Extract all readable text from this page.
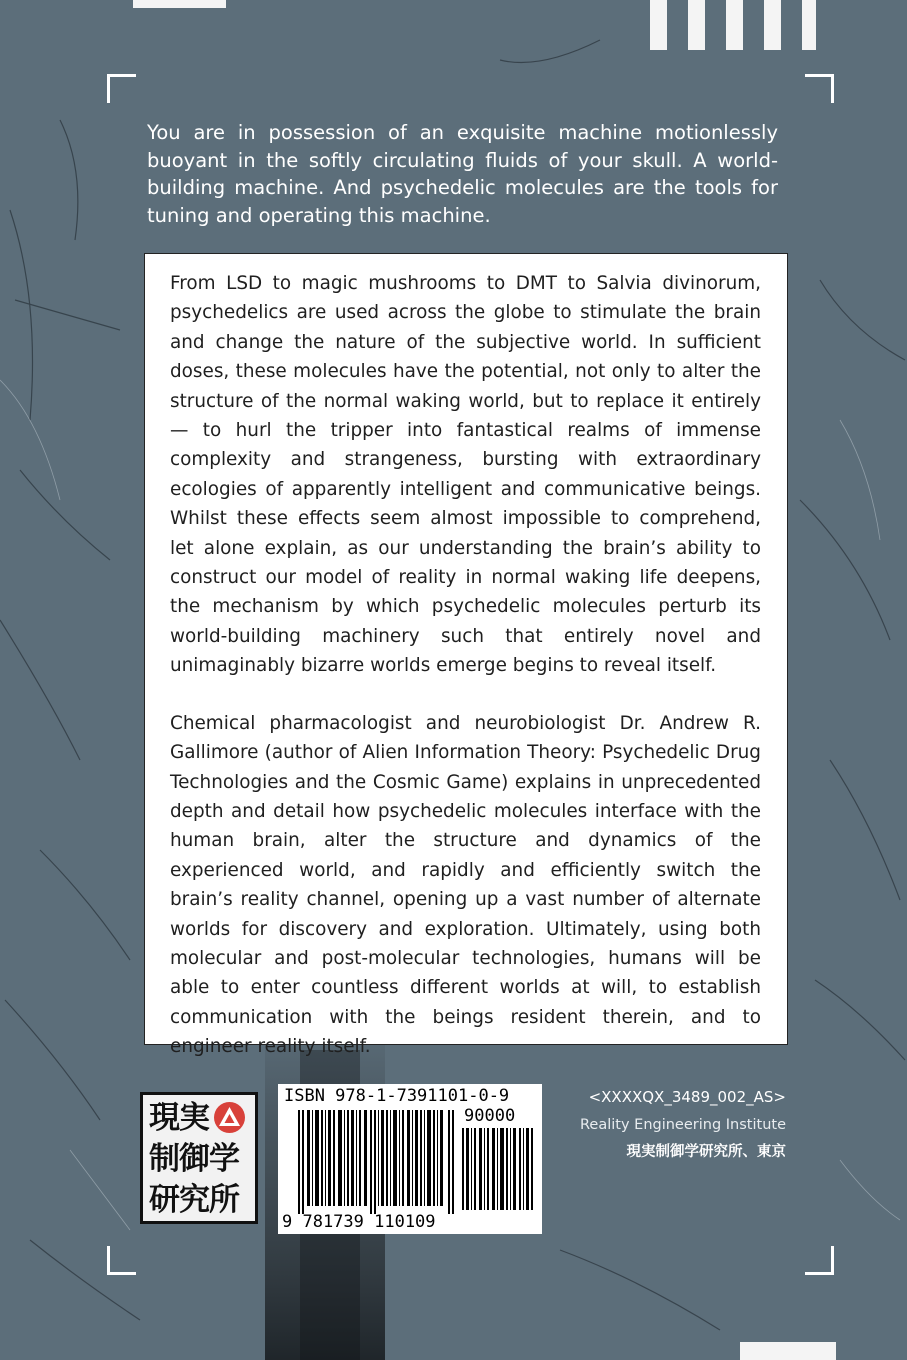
You are in possession of an exquisite machine motionlessly buoyant in the softly circulating fluids of your skull. A world-building machine. And psychedelic molecules are the tools for tuning and operating this machine.

From LSD to magic mushrooms to DMT to Salvia divinorum, psychedelics are used across the globe to stimulate the brain and change the nature of the subjective world. In sufficient doses, these molecules have the potential, not only to alter the structure of the normal waking world, but to replace it entirely — to hurl the tripper into fantastical realms of immense complexity and strangeness, bursting with extraordinary ecologies of apparently intelligent and communicative beings. Whilst these effects seem almost impossible to comprehend, let alone explain, as our understanding the brain’s ability to construct our model of reality in normal waking life deepens, the mechanism by which psychedelic molecules perturb its world-building machinery such that entirely novel and unimaginably bizarre worlds emerge begins to reveal itself.

Chemical pharmacologist and neurobiologist Dr. Andrew R. Gallimore (author of Alien Information Theory: Psychedelic Drug Technologies and the Cosmic Game) explains in unprecedented depth and detail how psychedelic molecules interface with the human brain, alter the structure and dynamics of the experienced world, and rapidly and efficiently switch the brain’s reality channel, opening up a vast number of alternate worlds for discovery and exploration. Ultimately, using both molecular and post-molecular technologies, humans will be able to enter countless different worlds at will, to establish communication with the beings resident therein, and to engineer reality itself.

現実
制御学
研究所
ISBN 978-1-7391101-0-9
90000
9 781739 110109
<XXXXQX_3489_002_AS>
Reality Engineering Institute
現実制御学研究所、東京
